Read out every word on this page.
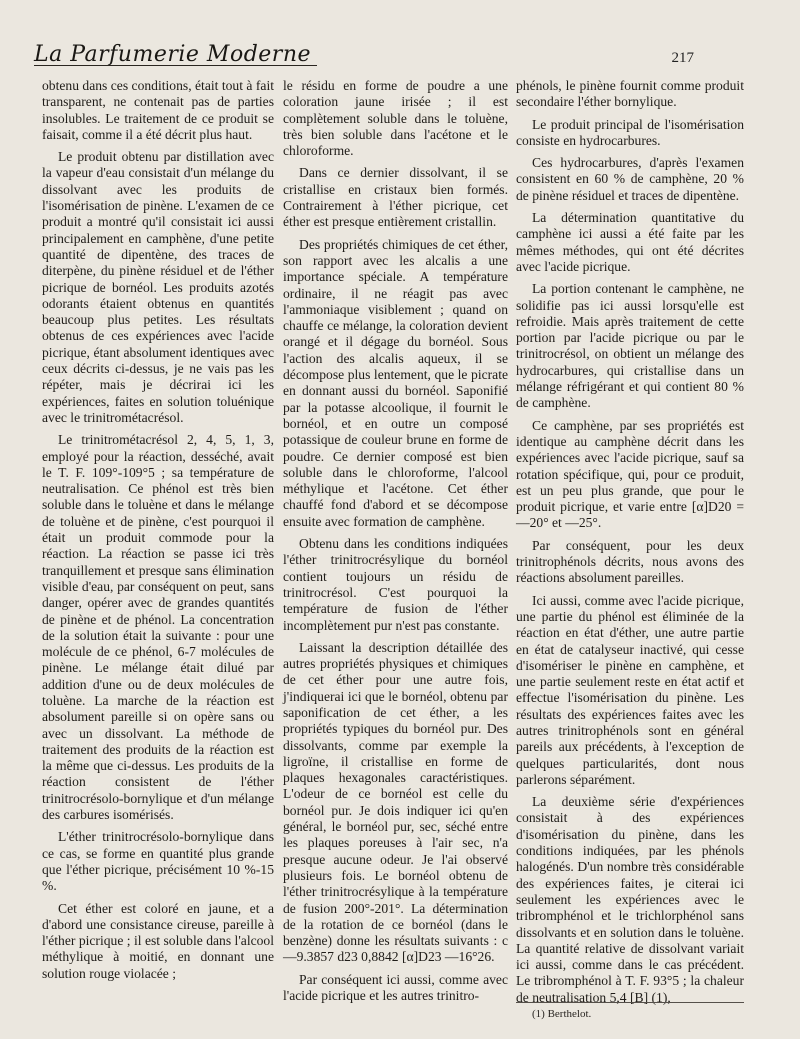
La Parfumerie Moderne	217

obtenu dans ces conditions, était tout à fait transparent, ne contenait pas de parties insolubles. Le traitement de ce produit se faisait, comme il a été décrit plus haut.

Le produit obtenu par distillation avec la vapeur d'eau consistait d'un mélange du dissolvant avec les produits de l'isomérisation de pinène. L'examen de ce produit a montré qu'il consistait ici aussi principalement en camphène, d'une petite quantité de dipentène, des traces de diterpène, du pinène résiduel et de l'éther picrique de bornéol. Les produits azotés odorants étaient obtenus en quantités beaucoup plus petites. Les résultats obtenus de ces expériences avec l'acide picrique, étant absolument identiques avec ceux décrits ci-dessus, je ne vais pas les répéter, mais je décrirai ici les expériences, faites en solution toluénique avec le trinitrométacrésol.

Le trinitrométacrésol 2, 4, 5, 1, 3, employé pour la réaction, desséché, avait le T. F. 109°-109°5 ; sa température de neutralisation. Ce phénol est très bien soluble dans le toluène et dans le mélange de toluène et de pinène, c'est pourquoi il était un produit commode pour la réaction. La réaction se passe ici très tranquillement et presque sans élimination visible d'eau, par conséquent on peut, sans danger, opérer avec de grandes quantités de pinène et de phénol. La concentration de la solution était la suivante : pour une molécule de ce phénol, 6-7 molécules de pinène. Le mélange était dilué par addition d'une ou de deux molécules de toluène. La marche de la réaction est absolument pareille si on opère sans ou avec un dissolvant. La méthode de traitement des produits de la réaction est la même que ci-dessus. Les produits de la réaction consistent de l'éther trinitrocrésolo-bornylique et d'un mélange des carbures isomérisés.

L'éther trinitrocrésolo-bornylique dans ce cas, se forme en quantité plus grande que l'éther picrique, précisément 10 %-15 %.

Cet éther est coloré en jaune, et a d'abord une consistance cireuse, pareille à l'éther picrique ; il est soluble dans l'alcool méthylique à moitié, en donnant une solution rouge violacée ;

le résidu en forme de poudre a une coloration jaune irisée ; il est complètement soluble dans le toluène, très bien soluble dans l'acétone et le chloroforme.

Dans ce dernier dissolvant, il se cristallise en cristaux bien formés. Contrairement à l'éther picrique, cet éther est presque entièrement cristallin.

Des propriétés chimiques de cet éther, son rapport avec les alcalis a une importance spéciale. A température ordinaire, il ne réagit pas avec l'ammoniaque visiblement ; quand on chauffe ce mélange, la coloration devient orangé et il dégage du bornéol. Sous l'action des alcalis aqueux, il se décompose plus lentement, que le picrate en donnant aussi du bornéol. Saponifié par la potasse alcoolique, il fournit le bornéol, et en outre un composé potassique de couleur brune en forme de poudre. Ce dernier composé est bien soluble dans le chloroforme, l'alcool méthylique et l'acétone. Cet éther chauffé fond d'abord et se décompose ensuite avec formation de camphène.

Obtenu dans les conditions indiquées l'éther trinitrocrésylique du bornéol contient toujours un résidu de trinitrocrésol. C'est pourquoi la température de fusion de l'éther incomplètement pur n'est pas constante.

Laissant la description détaillée des autres propriétés physiques et chimiques de cet éther pour une autre fois, j'indiquerai ici que le bornéol, obtenu par saponification de cet éther, a les propriétés typiques du bornéol pur. Des dissolvants, comme par exemple la ligroïne, il cristallise en forme de plaques hexagonales caractéristiques. L'odeur de ce bornéol est celle du bornéol pur. Je dois indiquer ici qu'en général, le bornéol pur, sec, séché entre les plaques poreuses à l'air sec, n'a presque aucune odeur. Je l'ai observé plusieurs fois. Le bornéol obtenu de l'éther trinitrocrésylique à la température de fusion 200°-201°. La détermination de la rotation de ce bornéol (dans le benzène) donne les résultats suivants : c —9.3857 d23 0,8842 [α]D23 —16°26.

Par conséquent ici aussi, comme avec l'acide picrique et les autres trinitro-

phénols, le pinène fournit comme produit secondaire l'éther bornylique.

Le produit principal de l'isomérisation consiste en hydrocarbures.

Ces hydrocarbures, d'après l'examen consistent en 60 % de camphène, 20 % de pinène résiduel et traces de dipentène.

La détermination quantitative du camphène ici aussi a été faite par les mêmes méthodes, qui ont été décrites avec l'acide picrique.

La portion contenant le camphène, ne solidifie pas ici aussi lorsqu'elle est refroidie. Mais après traitement de cette portion par l'acide picrique ou par le trinitrocrésol, on obtient un mélange des hydrocarbures, qui cristallise dans un mélange réfrigérant et qui contient 80 % de camphène.

Ce camphène, par ses propriétés est identique au camphène décrit dans les expériences avec l'acide picrique, sauf sa rotation spécifique, qui, pour ce produit, est un peu plus grande, que pour le produit picrique, et varie entre [α]D20 = —20° et —25°.

Par conséquent, pour les deux trinitrophénols décrits, nous avons des réactions absolument pareilles.

Ici aussi, comme avec l'acide picrique, une partie du phénol est éliminée de la réaction en état d'éther, une autre partie en état de catalyseur inactivé, qui cesse d'isomériser le pinène en camphène, et une partie seulement reste en état actif et effectue l'isomérisation du pinène. Les résultats des expériences faites avec les autres trinitrophénols sont en général pareils aux précédents, à l'exception de quelques particularités, dont nous parlerons séparément.

La deuxième série d'expériences consistait à des expériences d'isomérisation du pinène, dans les conditions indiquées, par les phénols halogénés. D'un nombre très considérable des expériences faites, je citerai ici seulement les expériences avec le tribromphénol et le trichlorphénol sans dissolvants et en solution dans le toluène. La quantité relative de dissolvant variait ici aussi, comme dans le cas précédent. Le tribromphénol à T. F. 93°5 ; la chaleur de neutralisation 5,4 [B] (1),

(1) Berthelot.
